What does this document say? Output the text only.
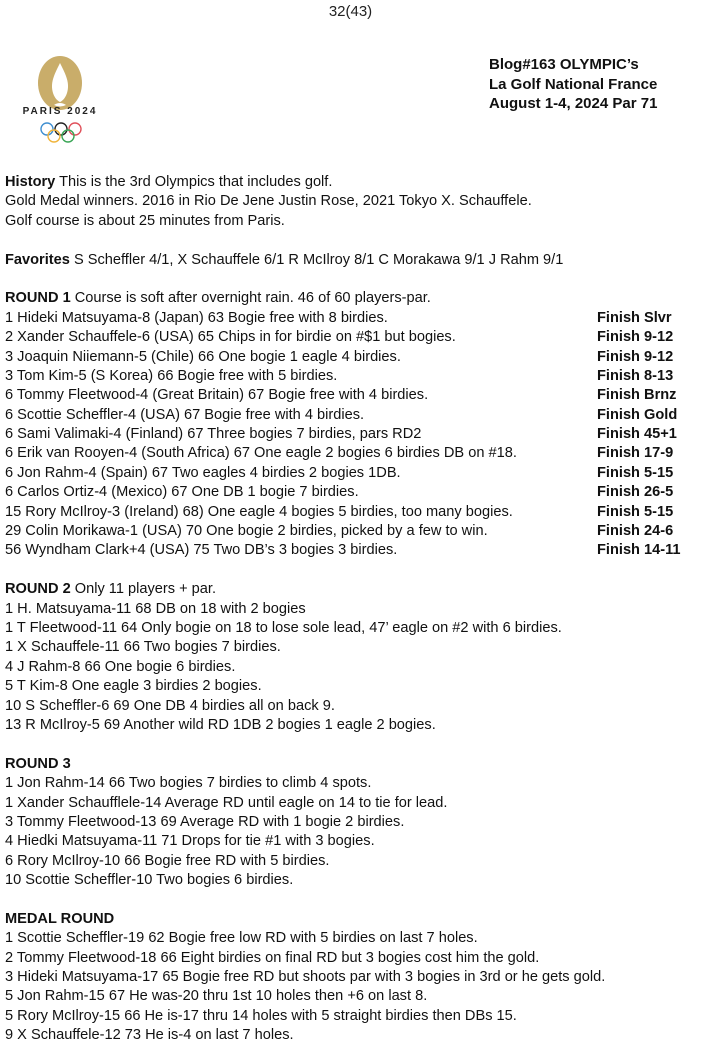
32(43)
PARIS 2024
Blog#163 OLYMPIC’s
La Golf National France
August 1-4, 2024 Par 71
History This is the 3rd Olympics that includes golf.
Gold Medal winners. 2016 in Rio De Jene Justin Rose, 2021 Tokyo X. Schauffele.
Golf course is about 25 minutes from Paris.
Favorites S Scheffler 4/1, X Schauffele 6/1 R McIlroy 8/1 C Morakawa 9/1 J Rahm 9/1
ROUND 1 Course is soft after overnight rain. 46 of 60 players-par.
1 Hideki Matsuyama-8 (Japan) 63 Bogie free with 8 birdies.	Finish Slvr
2 Xander Schauffele-6 (USA) 65 Chips in for birdie on #$1 but bogies.	Finish 9-12
3 Joaquin Niiemann-5 (Chile) 66 One bogie 1 eagle 4 birdies.	Finish 9-12
3 Tom Kim-5 (S Korea) 66 Bogie free with 5 birdies.	Finish 8-13
6 Tommy Fleetwood-4 (Great Britain) 67 Bogie free with 4 birdies.	Finish Brnz
6 Scottie Scheffler-4 (USA) 67 Bogie free with 4 birdies.	Finish Gold
6 Sami Valimaki-4 (Finland) 67 Three bogies 7 birdies, pars RD2	Finish 45+1
6 Erik van Rooyen-4 (South Africa) 67 One eagle 2 bogies 6 birdies DB on #18.	Finish 17-9
6 Jon Rahm-4 (Spain) 67 Two eagles 4 birdies 2 bogies 1DB.	Finish 5-15
6 Carlos Ortiz-4 (Mexico) 67 One DB 1 bogie 7 birdies.	Finish 26-5
15 Rory McIlroy-3 (Ireland) 68) One eagle 4 bogies 5 birdies, too many bogies.	Finish 5-15
29 Colin Morikawa-1 (USA) 70 One bogie 2 birdies, picked by a few to win.	Finish 24-6
56 Wyndham Clark+4 (USA) 75 Two DB’s 3 bogies 3 birdies.	Finish 14-11
ROUND 2 Only 11 players + par.
1 H. Matsuyama-11 68 DB on 18 with 2 bogies
1 T Fleetwood-11 64 Only bogie on 18 to lose sole lead, 47’ eagle on #2 with 6 birdies.
1 X Schauffele-11 66 Two bogies 7 birdies.
4 J Rahm-8 66 One bogie 6 birdies.
5 T Kim-8 One eagle 3 birdies 2 bogies.
10 S Scheffler-6 69 One DB 4 birdies all on back 9.
13 R McIlroy-5 69 Another wild RD 1DB 2 bogies 1 eagle 2 bogies.
ROUND 3
1 Jon Rahm-14 66 Two bogies 7 birdies to climb 4 spots.
1 Xander Schaufflele-14 Average RD until eagle on 14 to tie for lead.
3 Tommy Fleetwood-13 69 Average RD with 1 bogie 2 birdies.
4 Hiedki Matsuyama-11 71 Drops for tie #1 with 3 bogies.
6 Rory McIlroy-10 66 Bogie free RD with 5 birdies.
10 Scottie Scheffler-10 Two bogies 6 birdies.
MEDAL ROUND
1 Scottie Scheffler-19 62 Bogie free low RD with 5 birdies on last 7 holes.
2 Tommy Fleetwood-18 66 Eight birdies on final RD but 3 bogies cost him the gold.
3 Hideki Matsuyama-17 65 Bogie free RD but shoots par with 3 bogies in 3rd or he gets gold.
5 Jon Rahm-15 67 He was-20 thru 1st 10 holes then +6 on last 8.
5 Rory McIlroy-15 66 He is-17 thru 14 holes with 5 straight birdies then DBs 15.
9 X Schauffele-12 73 He is-4 on last 7 holes.
